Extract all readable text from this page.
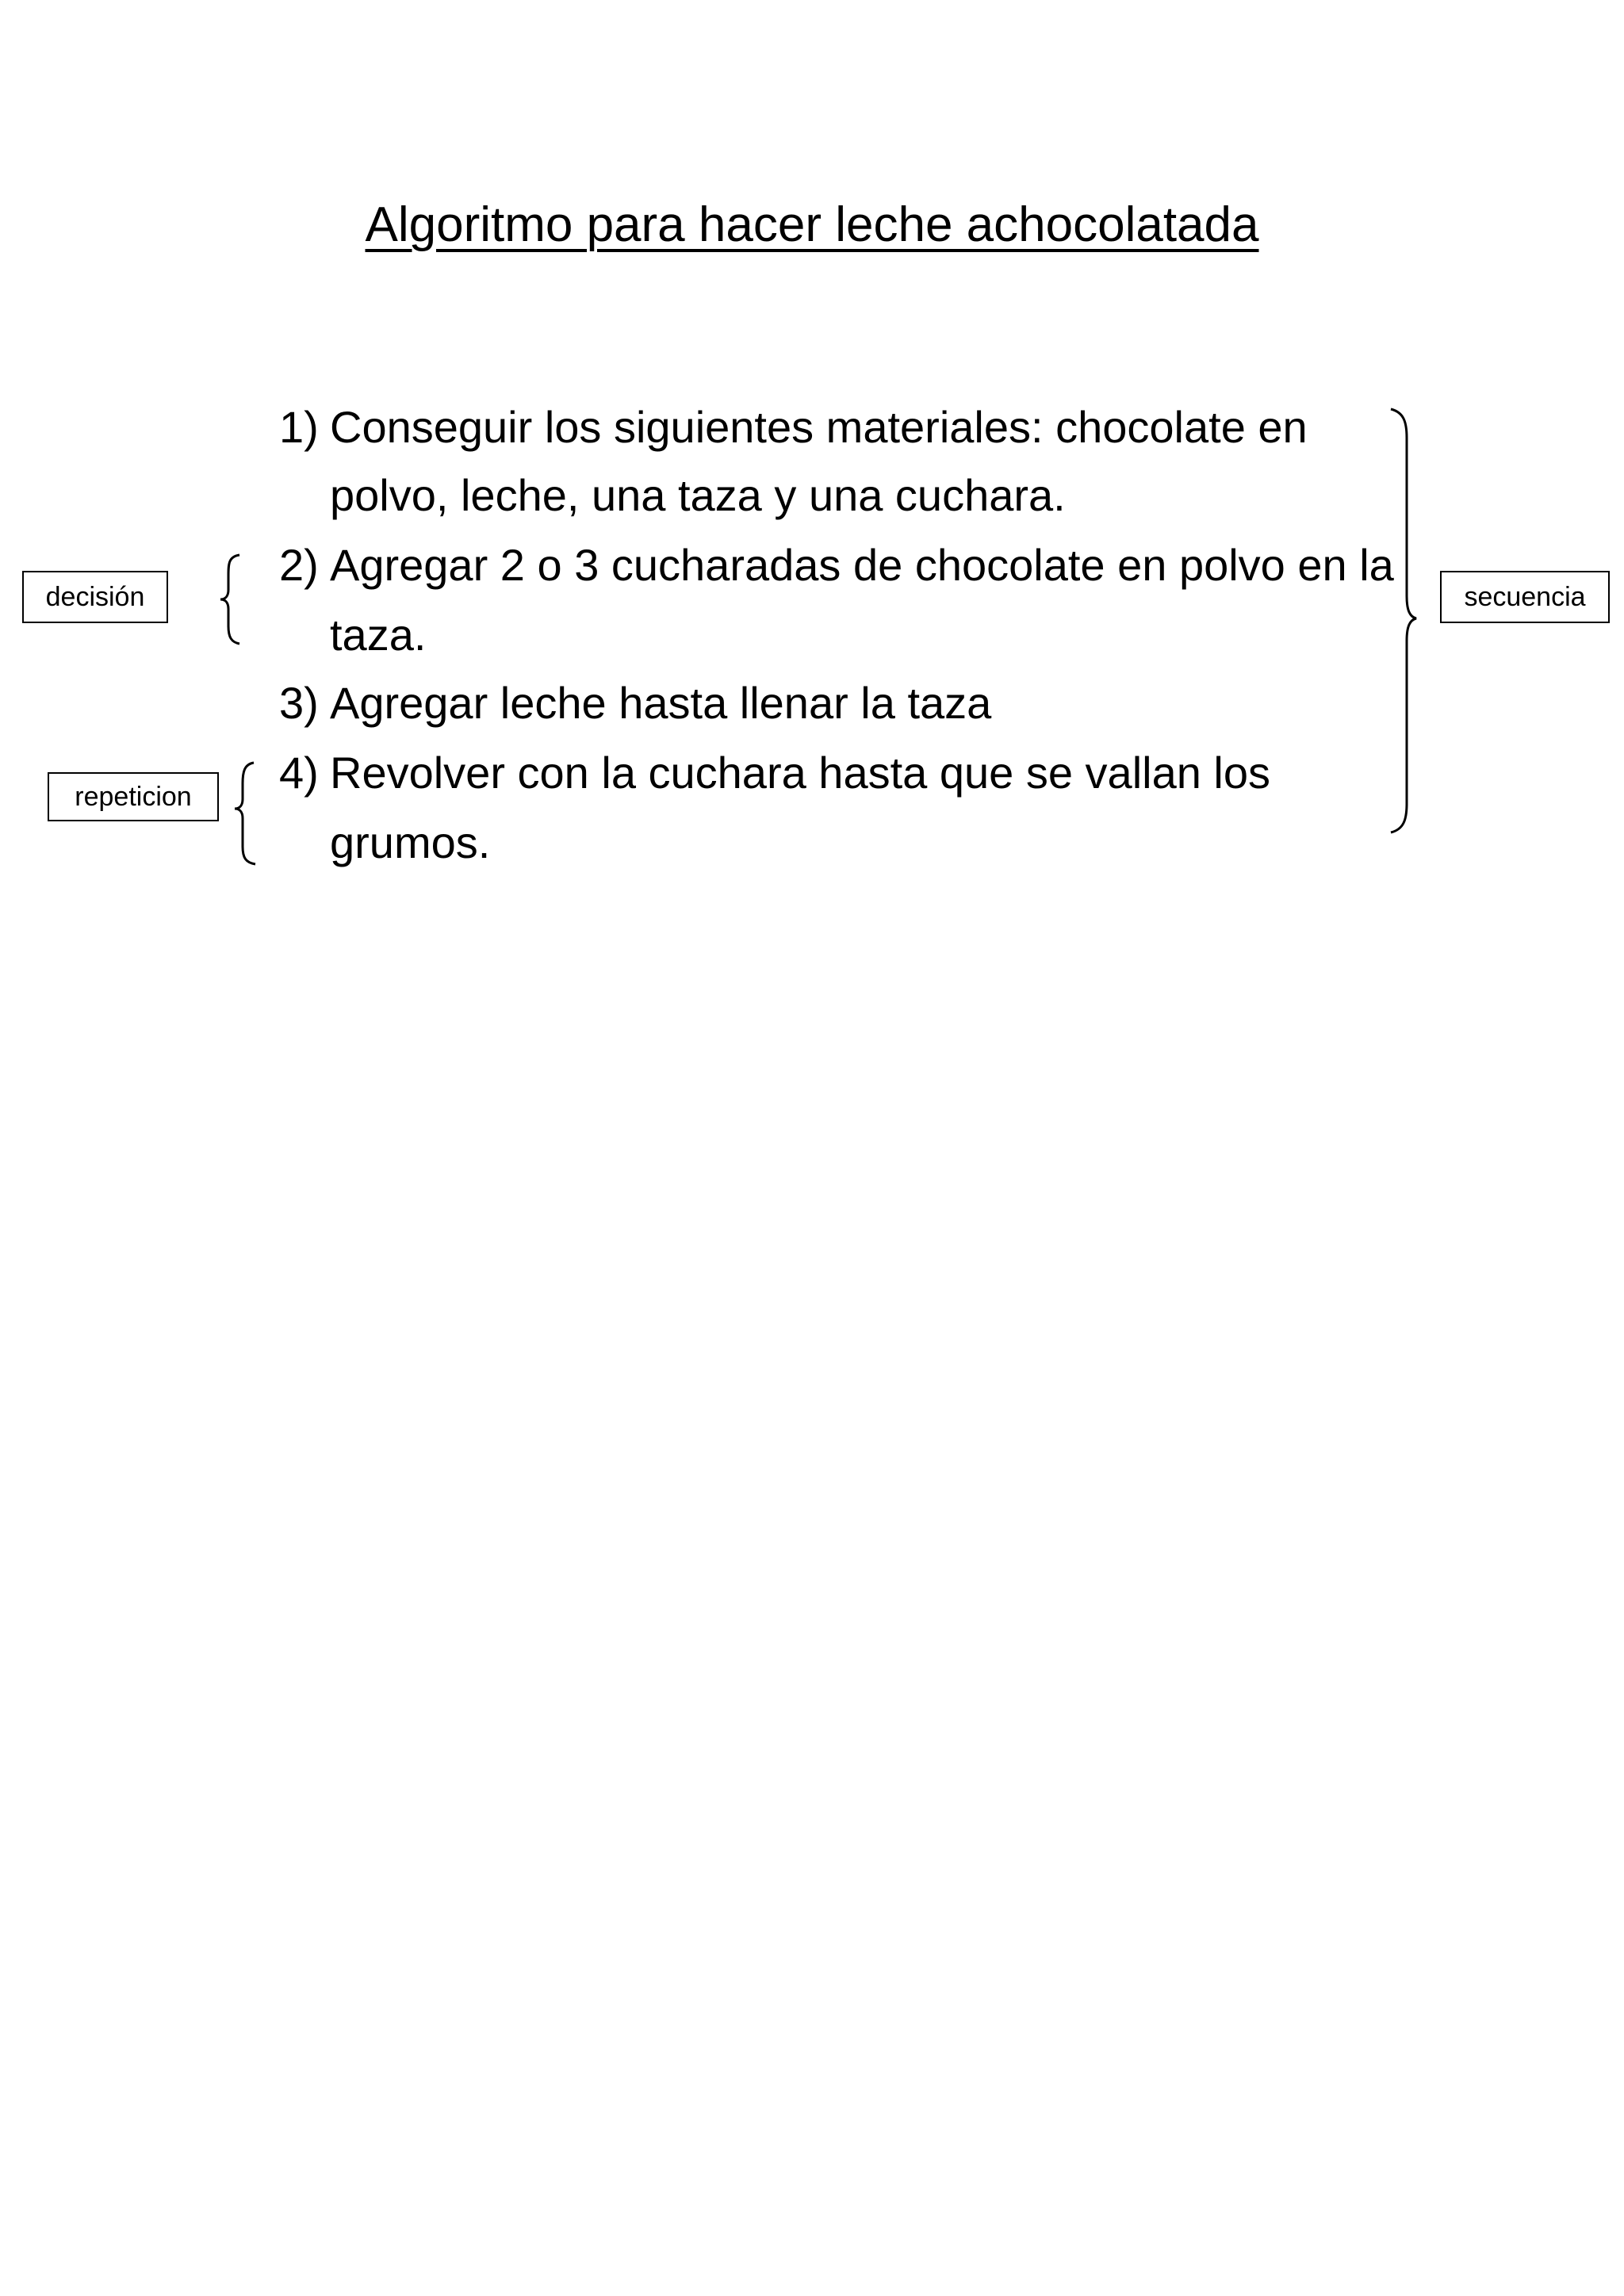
Algoritmo para hacer leche achocolatada
1) Conseguir los siguientes materiales: chocolate en
polvo, leche, una taza y una cuchara.
2) Agregar 2 o 3 cucharadas de chocolate en polvo en la
taza.
3) Agregar leche hasta llenar la taza
4) Revolver con la cuchara hasta que se vallan los
grumos.
decisión
repeticion
secuencia
